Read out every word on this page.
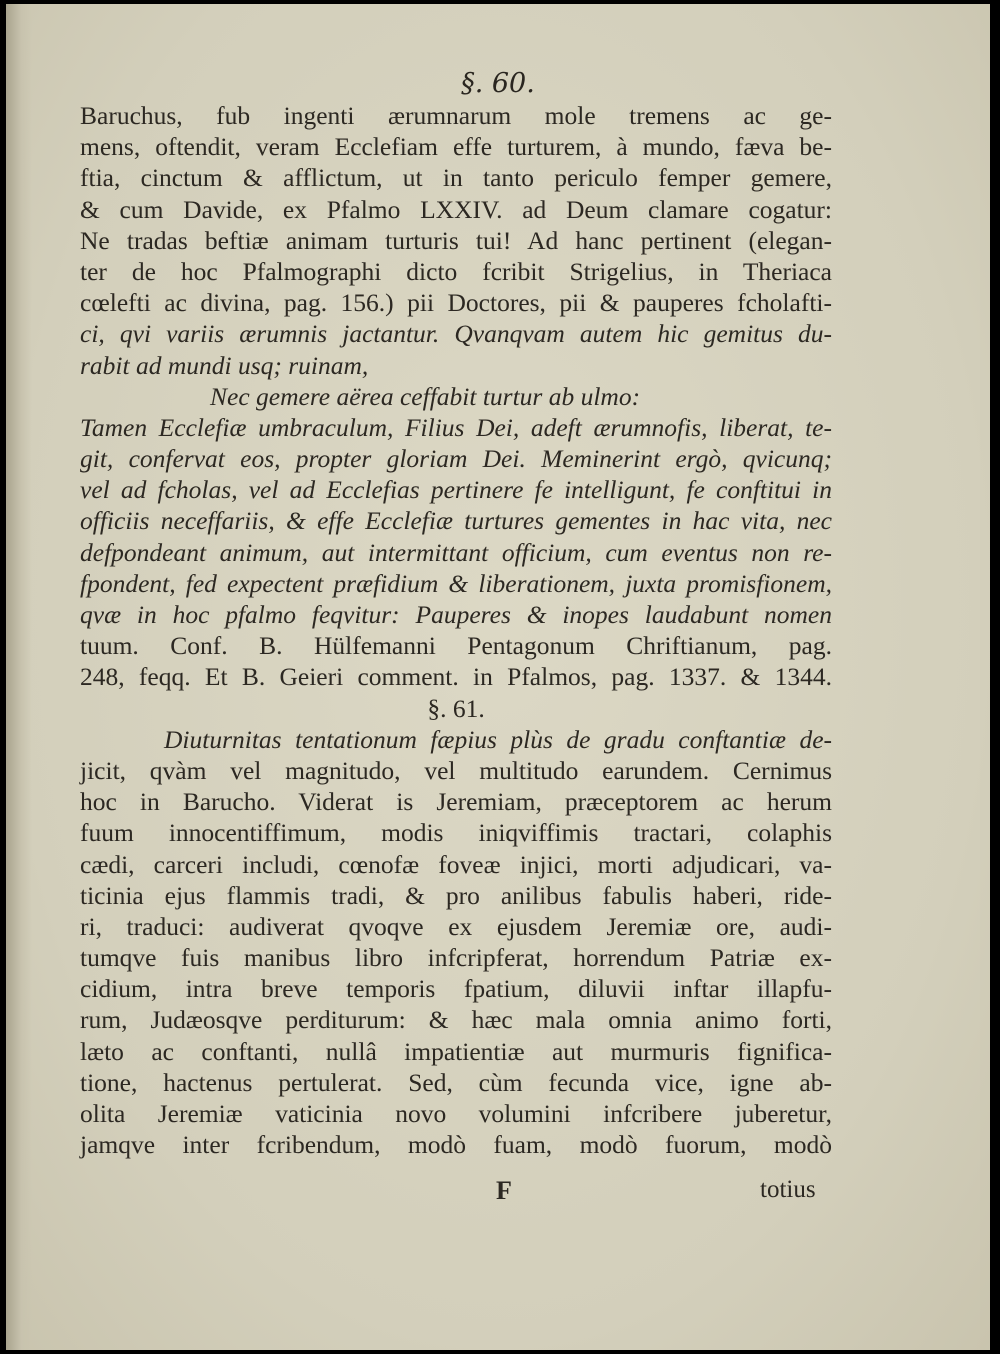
§. 60.
Baruchus, fub ingenti ærumnarum mole tremens ac ge-
mens, oftendit, veram Ecclefiam effe turturem, à mundo, fæva be-
ftia, cinctum & afflictum, ut in tanto periculo femper gemere,
& cum Davide, ex Pfalmo LXXIV. ad Deum clamare cogatur:
Ne tradas beftiæ animam turturis tui! Ad hanc pertinent (elegan-
ter de hoc Pfalmographi dicto fcribit Strigelius, in Theriaca
cœlefti ac divina, pag. 156.) pii Doctores, pii & pauperes fcholafti-
ci, qvi variis ærumnis jactantur. Qvanqvam autem hic gemitus du-
rabit ad mundi usq; ruinam,
Nec gemere aërea ceffabit turtur ab ulmo:
Tamen Ecclefiæ umbraculum, Filius Dei, adeft ærumnofis, liberat, te-
git, confervat eos, propter gloriam Dei. Meminerint ergò, qvicunq;
vel ad fcholas, vel ad Ecclefias pertinere fe intelligunt, fe conftitui in
officiis neceffariis, & effe Ecclefiæ turtures gementes in hac vita, nec
defpondeant animum, aut intermittant officium, cum eventus non re-
fpondent, fed expectent præfidium & liberationem, juxta promisfionem,
qvæ in hoc pfalmo feqvitur: Pauperes & inopes laudabunt nomen
tuum. Conf. B. Hülfemanni Pentagonum Chriftianum, pag.
248, feqq. Et B. Geieri comment. in Pfalmos, pag. 1337. & 1344.
§. 61.
Diuturnitas tentationum fæpius plùs de gradu conftantiæ de-
jicit, qvàm vel magnitudo, vel multitudo earundem. Cernimus
hoc in Barucho. Viderat is Jeremiam, præceptorem ac herum
fuum innocentiffimum, modis iniqviffimis tractari, colaphis
cædi, carceri includi, cœnofæ foveæ injici, morti adjudicari, va-
ticinia ejus flammis tradi, & pro anilibus fabulis haberi, ride-
ri, traduci: audiverat qvoqve ex ejusdem Jeremiæ ore, audi-
tumqve fuis manibus libro infcripferat, horrendum Patriæ ex-
cidium, intra breve temporis fpatium, diluvii inftar illapfu-
rum, Judæosqve perditurum: & hæc mala omnia animo forti,
læto ac conftanti, nullâ impatientiæ aut murmuris fignifica-
tione, hactenus pertulerat. Sed, cùm fecunda vice, igne ab-
olita Jeremiæ vaticinia novo volumini infcribere juberetur,
jamqve inter fcribendum, modò fuam, modò fuorum, modò
F	totius
